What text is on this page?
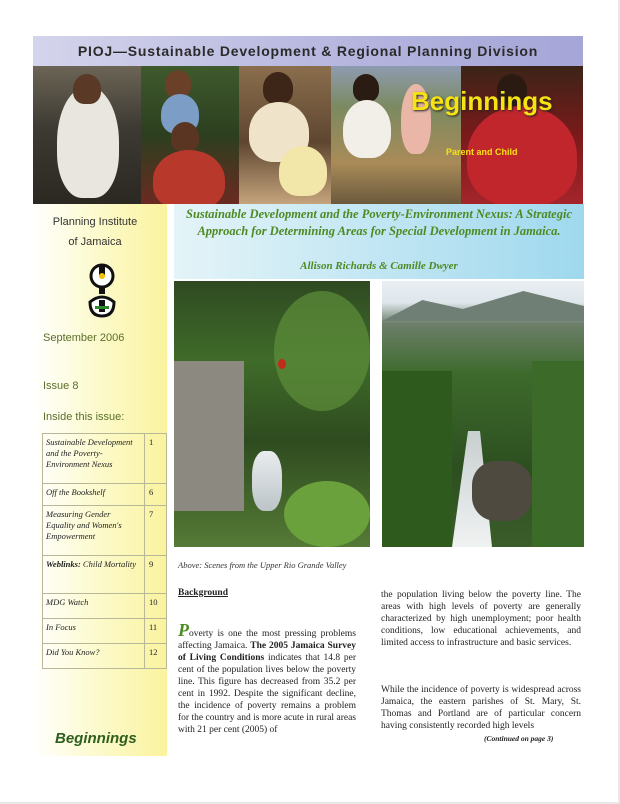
PIOJ—Sustainable Development & Regional Planning Division
Beginnings
Parent and Child
Planning Institute
of Jamaica
September 2006
Issue 8
Inside this issue:
Sustainable Development and the Poverty-Environment Nexus	1
Off the Bookshelf	6
Measuring Gender Equality and Women's Empowerment	7
Weblinks: Child Mortality	9
MDG Watch	10
In Focus	11
Did You Know?	12
Beginnings
Sustainable Development and the Poverty-Environment Nexus: A Strategic Approach for Determining Areas for Special Development in Jamaica.
Allison Richards & Camille Dwyer
Above: Scenes from the Upper Rio Grande Valley
Background
Poverty is one the most pressing problems affecting Jamaica. The 2005 Jamaica Survey of Living Conditions indicates that 14.8 per cent of the population lives below the poverty line. This figure has decreased from 35.2 per cent in 1992. Despite the significant decline, the incidence of poverty remains a problem for the country and is more acute in rural areas with 21 per cent (2005) of
the population living below the poverty line. The areas with high levels of poverty are generally characterized by high unemployment; poor health conditions, low educational achievements, and limited access to infrastructure and basic services.
While the incidence of poverty is widespread across Jamaica, the eastern parishes of St. Mary, St. Thomas and Portland are of particular concern having consistently recorded high levels
(Continued on page 3)
